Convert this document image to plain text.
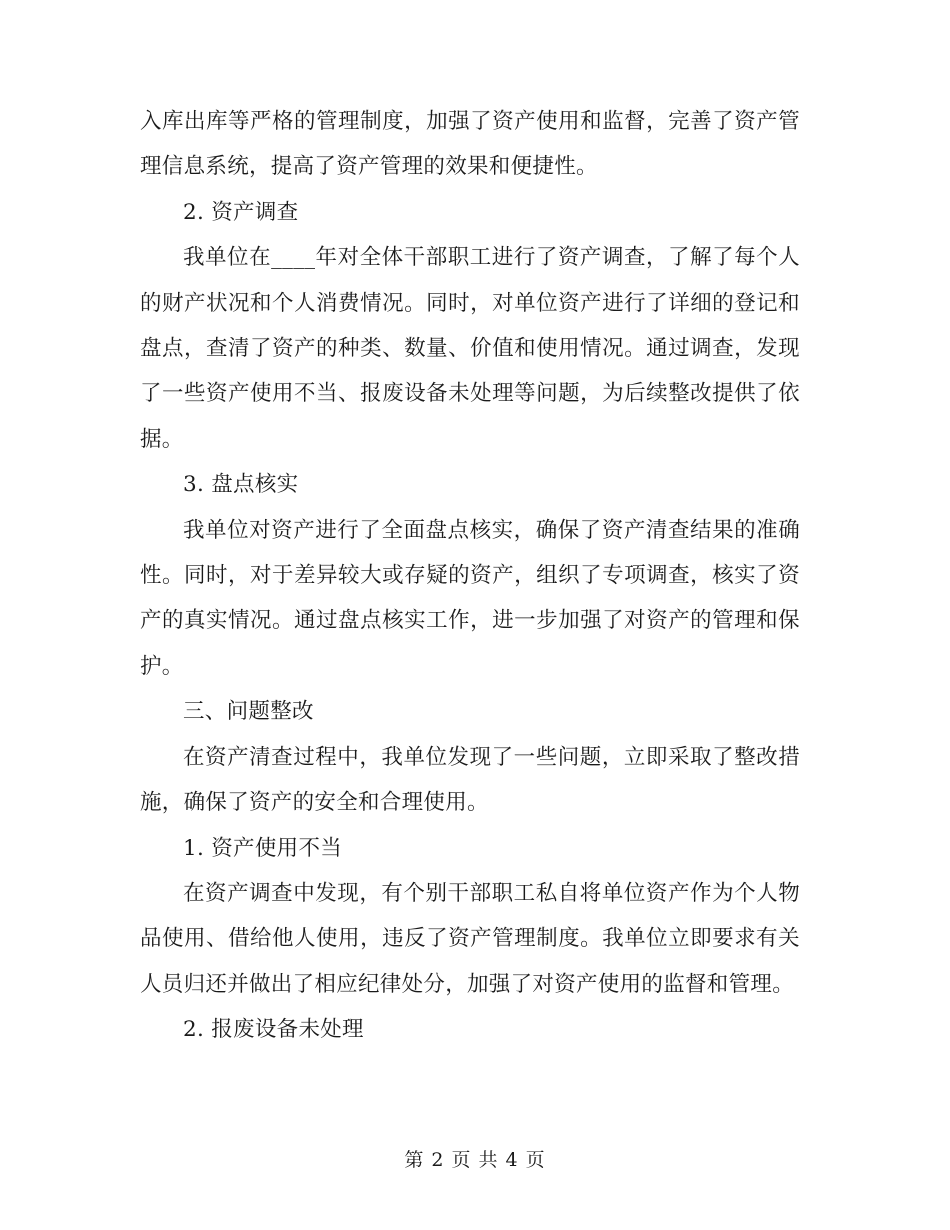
入库出库等严格的管理制度，加强了资产使用和监督，完善了资产管理信息系统，提高了资产管理的效果和便捷性。

2. 资产调查

我单位在____年对全体干部职工进行了资产调查，了解了每个人的财产状况和个人消费情况。同时，对单位资产进行了详细的登记和盘点，查清了资产的种类、数量、价值和使用情况。通过调查，发现了一些资产使用不当、报废设备未处理等问题，为后续整改提供了依据。

3. 盘点核实

我单位对资产进行了全面盘点核实，确保了资产清查结果的准确性。同时，对于差异较大或存疑的资产，组织了专项调查，核实了资产的真实情况。通过盘点核实工作，进一步加强了对资产的管理和保护。

三、问题整改

在资产清查过程中，我单位发现了一些问题，立即采取了整改措施，确保了资产的安全和合理使用。

1. 资产使用不当

在资产调查中发现，有个别干部职工私自将单位资产作为个人物品使用、借给他人使用，违反了资产管理制度。我单位立即要求有关人员归还并做出了相应纪律处分，加强了对资产使用的监督和管理。

2. 报废设备未处理

第 2 页 共 4 页
